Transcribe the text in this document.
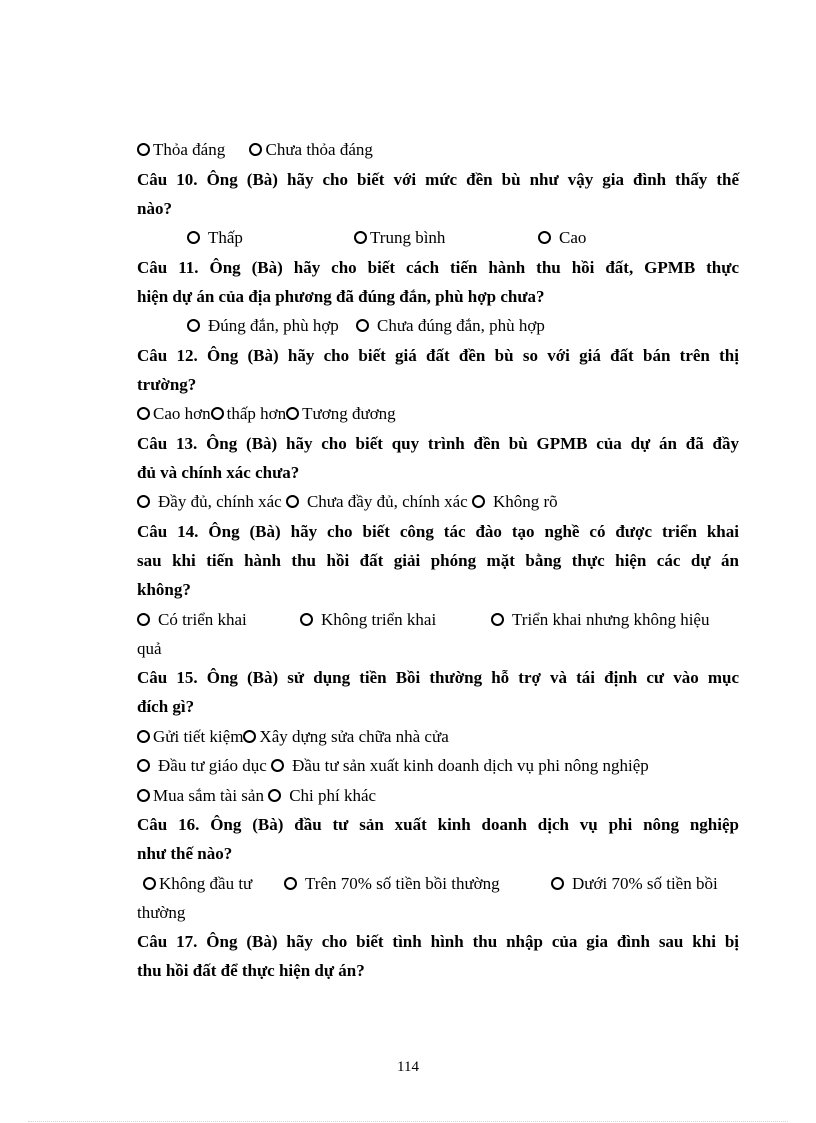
Thỏa đáng Chưa thỏa đáng
Câu 10. Ông (Bà) hãy cho biết với mức đền bù như vậy gia đình thấy thế
nào?
Thấp	Trung bình	Cao
Câu 11. Ông (Bà) hãy cho biết cách tiến hành thu hồi đất, GPMB thực
hiện dự án của địa phương đã đúng đắn, phù hợp chưa?
Đúng đắn, phù hợp	Chưa đúng đắn, phù hợp
Câu 12. Ông (Bà) hãy cho biết giá đất đền bù so với giá đất bán trên thị
trường?
Cao hơn thấp hơn Tương đương
Câu 13. Ông (Bà) hãy cho biết quy trình đền bù GPMB của dự án đã đầy
đủ và chính xác chưa?
Đầy đủ, chính xác Chưa đầy đủ, chính xác Không rõ
Câu 14. Ông (Bà) hãy cho biết công tác đào tạo nghề có được triển khai
sau khi tiến hành thu hồi đất giải phóng mặt bằng thực hiện các dự án
không?
Có triển khai	Không triển khai	Triển khai nhưng không hiệu
quả
Câu 15. Ông (Bà) sử dụng tiền Bồi thường hỗ trợ và tái định cư vào mục
đích gì?
Gửi tiết kiệm Xây dựng sửa chữa nhà cửa
Đầu tư giáo dục Đầu tư sản xuất kinh doanh dịch vụ phi nông nghiệp
Mua sắm tài sản Chi phí khác
Câu 16. Ông (Bà) đầu tư sản xuất kinh doanh dịch vụ phi nông nghiệp
như thế nào?
Không đầu tư	Trên 70% số tiền bồi thường	Dưới 70% số tiền bồi
thường
Câu 17. Ông (Bà) hãy cho biết tình hình thu nhập của gia đình sau khi bị
thu hồi đất để thực hiện dự án?
114
